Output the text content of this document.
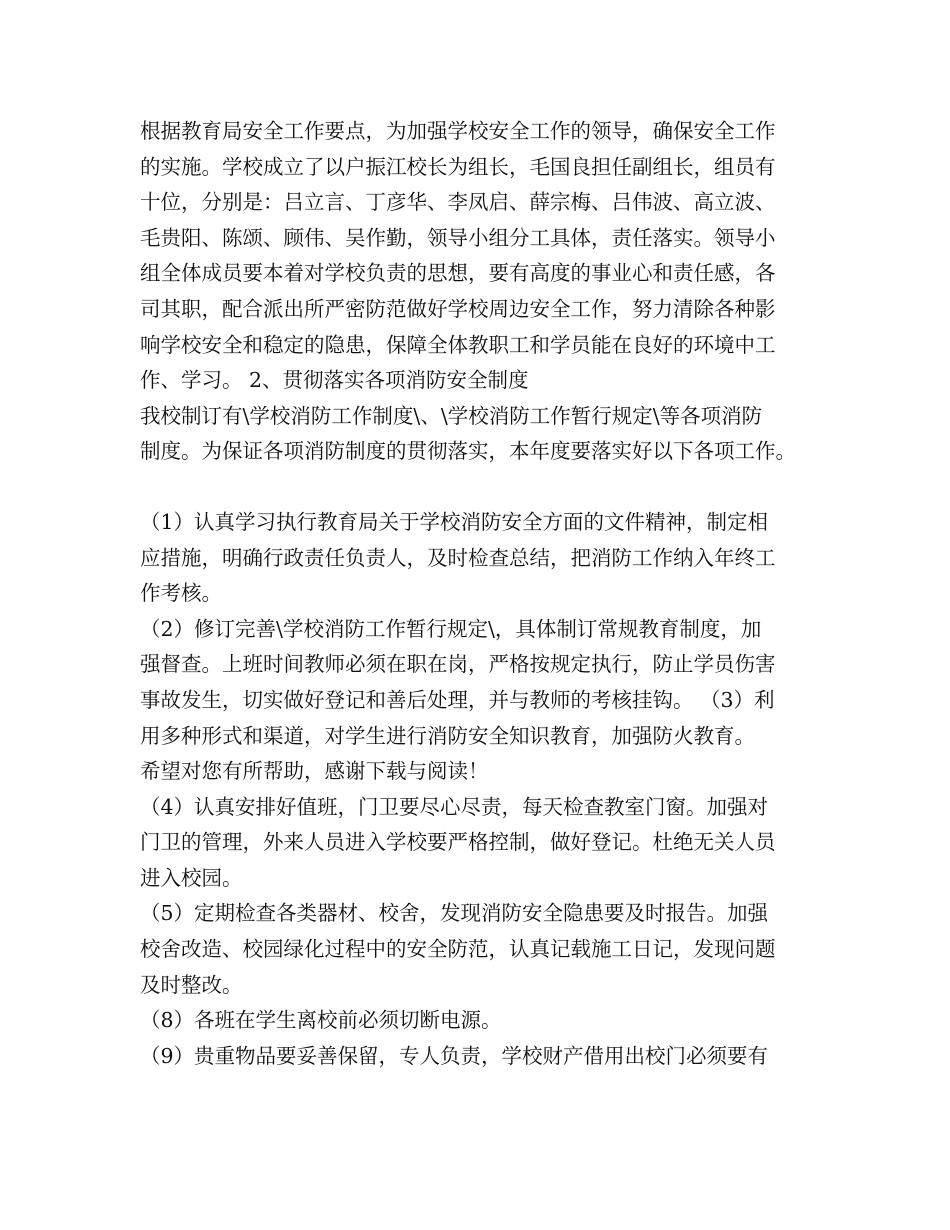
根据教育局安全工作要点，为加强学校安全工作的领导，确保安全工作
的实施。学校成立了以户振江校长为组长，毛国良担任副组长，组员有
十位，分别是：吕立言、丁彦华、李凤启、薛宗梅、吕伟波、高立波、
毛贵阳、陈颂、顾伟、吴作勤，领导小组分工具体，责任落实。领导小
组全体成员要本着对学校负责的思想，要有高度的事业心和责任感，各
司其职，配合派出所严密防范做好学校周边安全工作，努力清除各种影
响学校安全和稳定的隐患，保障全体教职工和学员能在良好的环境中工
作、学习。 2、贯彻落实各项消防安全制度
我校制订有\学校消防工作制度\、\学校消防工作暂行规定\等各项消防
制度。为保证各项消防制度的贯彻落实，本年度要落实好以下各项工作。
（1）认真学习执行教育局关于学校消防安全方面的文件精神，制定相
应措施，明确行政责任负责人，及时检查总结，把消防工作纳入年终工
作考核。
（2）修订完善\学校消防工作暂行规定\，具体制订常规教育制度，加
强督查。上班时间教师必须在职在岗，严格按规定执行，防止学员伤害
事故发生，切实做好登记和善后处理，并与教师的考核挂钩。 （3）利
用多种形式和渠道，对学生进行消防安全知识教育，加强防火教育。
希望对您有所帮助，感谢下载与阅读！
（4）认真安排好值班，门卫要尽心尽责，每天检查教室门窗。加强对
门卫的管理，外来人员进入学校要严格控制，做好登记。杜绝无关人员
进入校园。
（5）定期检查各类器材、校舍，发现消防安全隐患要及时报告。加强
校舍改造、校园绿化过程中的安全防范，认真记载施工日记，发现问题
及时整改。
（8）各班在学生离校前必须切断电源。
（9）贵重物品要妥善保留，专人负责，学校财产借用出校门必须要有
